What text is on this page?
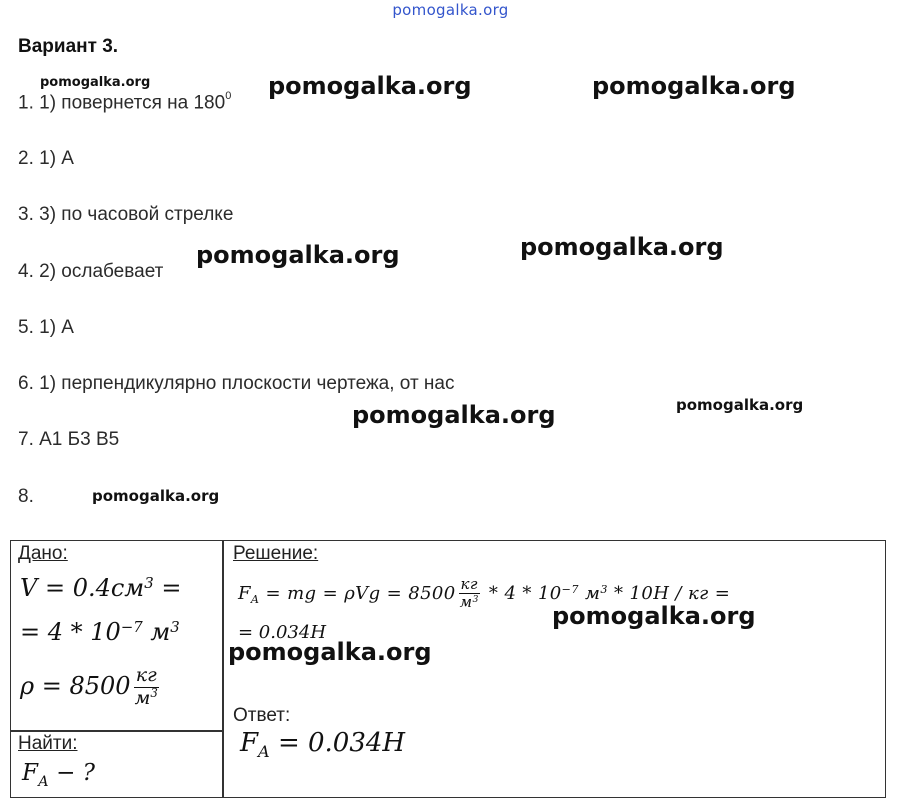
pomogalka.org
Вариант 3.
1. 1) повернется на $180^0$
2. 1) А
3. 3) по часовой стрелке
4. 2) ослабевает
5. 1) А
6. 1) перпендикулярно плоскости чертежа, от нас
7. А1 Б3 В5
8.
pomogalka.org	pomogalka.org	pomogalka.org
pomogalka.org	pomogalka.org
pomogalka.org	pomogalka.org
pomogalka.org
Дано:
$V = 0.4см^3$ =
= $4 * 10^{-7}$ $м^3$
$\rho = 8500 \frac{кг}{м^3}$
Найти:
$F_А$ − ?
Решение:
$F_A$ = mg = $\rho Vg = 8500 \frac{кг}{м^3} * 4 * 10^{-7}$ $м^3 * 10Н$ / кг =
= 0.034Н
Ответ:
$F_A = 0.034Н$
pomogalka.org
pomogalka.org
